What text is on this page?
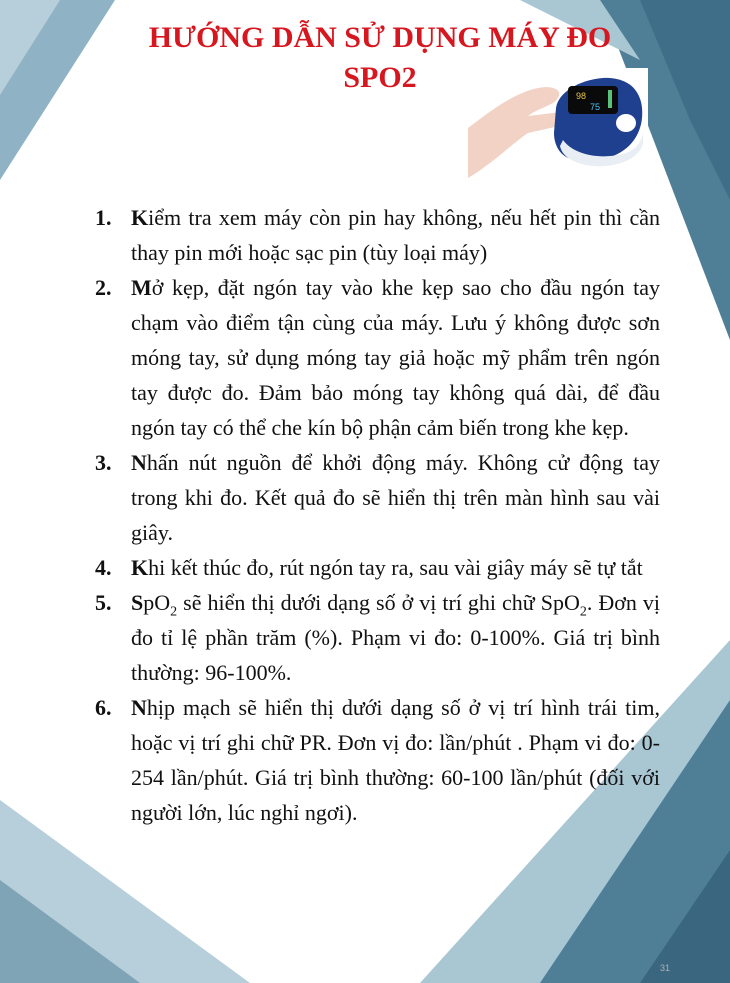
HƯỚNG DẪN SỬ DỤNG MÁY ĐO
SPO2
98
75
1. Kiểm tra xem máy còn pin hay không, nếu hết pin thì cần thay pin mới hoặc sạc pin (tùy loại máy)
2. Mở kẹp, đặt ngón tay vào khe kẹp sao cho đầu ngón tay chạm vào điểm tận cùng của máy. Lưu ý không được sơn móng tay, sử dụng móng tay giả hoặc mỹ phẩm trên ngón tay được đo. Đảm bảo móng tay không quá dài, để đầu ngón tay có thể che kín bộ phận cảm biến trong khe kẹp.
3. Nhấn nút nguồn để khởi động máy. Không cử động tay trong khi đo. Kết quả đo sẽ hiển thị trên màn hình sau vài giây.
4. Khi kết thúc đo, rút ngón tay ra, sau vài giây máy sẽ tự tắt
5. SpO$_2$ sẽ hiển thị dưới dạng số ở vị trí ghi chữ SpO$_2$. Đơn vị đo tỉ lệ phần trăm (%). Phạm vi đo: 0-100%. Giá trị bình thường: 96-100%.
6. Nhịp mạch sẽ hiển thị dưới dạng số ở vị trí hình trái tim, hoặc vị trí ghi chữ PR. Đơn vị đo: lần/phút . Phạm vi đo: 0-254 lần/phút. Giá trị bình thường: 60-100 lần/phút (đối với người lớn, lúc nghỉ ngơi).
31
